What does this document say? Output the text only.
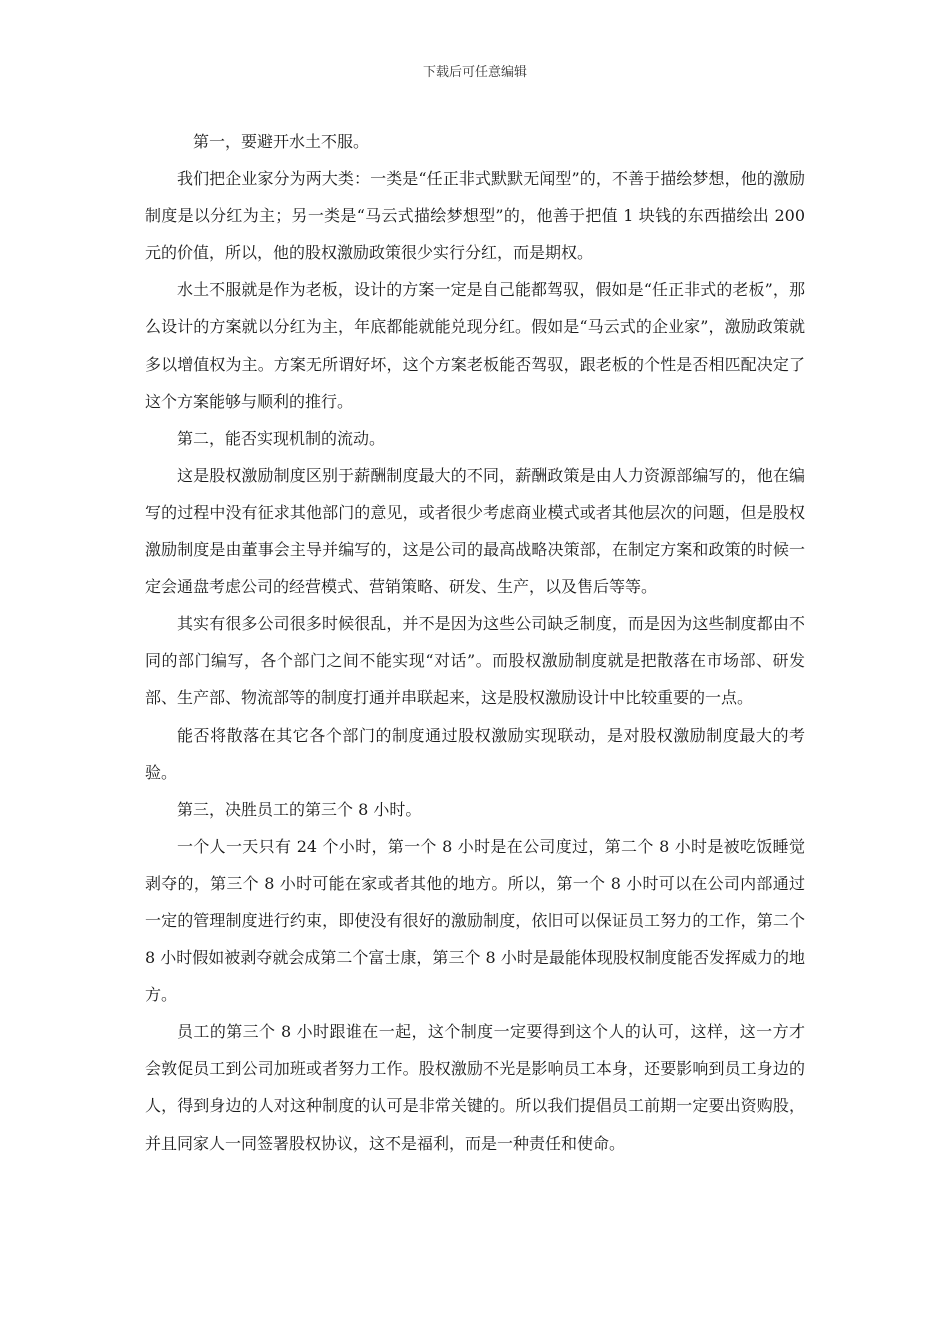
下载后可任意编辑

第一，要避开水土不服。

我们把企业家分为两大类：一类是“任正非式默默无闻型”的，不善于描绘梦想，他的激励制度是以分红为主；另一类是“马云式描绘梦想型”的，他善于把值 1 块钱的东西描绘出 200 元的价值，所以，他的股权激励政策很少实行分红，而是期权。

水土不服就是作为老板，设计的方案一定是自己能都驾驭，假如是“任正非式的老板”，那么设计的方案就以分红为主，年底都能就能兑现分红。假如是“马云式的企业家”，激励政策就多以增值权为主。方案无所谓好坏，这个方案老板能否驾驭，跟老板的个性是否相匹配决定了这个方案能够与顺利的推行。

第二，能否实现机制的流动。

这是股权激励制度区别于薪酬制度最大的不同，薪酬政策是由人力资源部编写的，他在编写的过程中没有征求其他部门的意见，或者很少考虑商业模式或者其他层次的问题，但是股权激励制度是由董事会主导并编写的，这是公司的最高战略决策部，在制定方案和政策的时候一定会通盘考虑公司的经营模式、营销策略、研发、生产，以及售后等等。

其实有很多公司很多时候很乱，并不是因为这些公司缺乏制度，而是因为这些制度都由不同的部门编写，各个部门之间不能实现“对话”。而股权激励制度就是把散落在市场部、研发部、生产部、物流部等的制度打通并串联起来，这是股权激励设计中比较重要的一点。

能否将散落在其它各个部门的制度通过股权激励实现联动，是对股权激励制度最大的考验。

第三，决胜员工的第三个 8 小时。

一个人一天只有 24 个小时，第一个 8 小时是在公司度过，第二个 8 小时是被吃饭睡觉剥夺的，第三个 8 小时可能在家或者其他的地方。所以，第一个 8 小时可以在公司内部通过一定的管理制度进行约束，即使没有很好的激励制度，依旧可以保证员工努力的工作，第二个 8 小时假如被剥夺就会成第二个富士康，第三个 8 小时是最能体现股权制度能否发挥威力的地方。

员工的第三个 8 小时跟谁在一起，这个制度一定要得到这个人的认可，这样，这一方才会敦促员工到公司加班或者努力工作。股权激励不光是影响员工本身，还要影响到员工身边的人，得到身边的人对这种制度的认可是非常关键的。所以我们提倡员工前期一定要出资购股，并且同家人一同签署股权协议，这不是福利，而是一种责任和使命。
